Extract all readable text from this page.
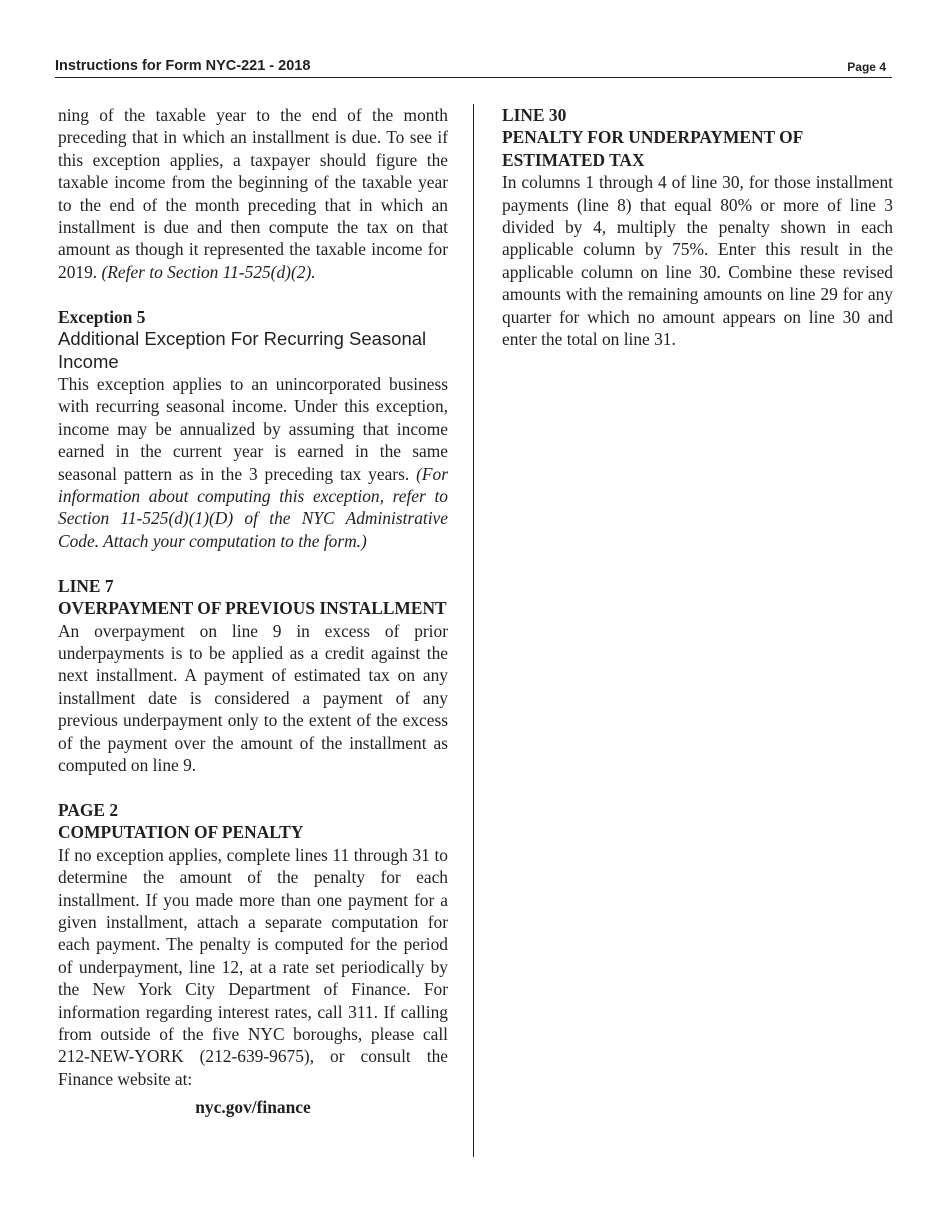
Instructions for Form NYC-221 - 2018	Page 4

ning of the taxable year to the end of the month preceding that in which an installment is due. To see if this exception applies, a taxpayer should figure the taxable income from the beginning of the taxable year to the end of the month preceding that in which an installment is due and then compute the tax on that amount as though it represented the taxable income for 2019. (Refer to Section 11-525(d)(2).

Exception 5
Additional Exception For Recurring Seasonal Income

This exception applies to an unincorporated business with recurring seasonal income. Under this exception, income may be annualized by assuming that income earned in the current year is earned in the same seasonal pattern as in the 3 preceding tax years. (For information about computing this exception, refer to Section 11-525(d)(1)(D) of the NYC Administrative Code. Attach your computation to the form.)

LINE 7
OVERPAYMENT OF PREVIOUS INSTALLMENT

An overpayment on line 9 in excess of prior underpayments is to be applied as a credit against the next installment. A payment of estimated tax on any installment date is considered a payment of any previous underpayment only to the extent of the excess of the payment over the amount of the installment as computed on line 9.

PAGE 2
COMPUTATION OF PENALTY

If no exception applies, complete lines 11 through 31 to determine the amount of the penalty for each installment. If you made more than one payment for a given installment, attach a separate computation for each payment. The penalty is computed for the period of underpayment, line 12, at a rate set periodically by the New York City Department of Finance. For information regarding interest rates, call 311. If calling from outside of the five NYC boroughs, please call 212-NEW-YORK (212-639-9675), or consult the Finance website at:

nyc.gov/finance
LINE 30
PENALTY FOR UNDERPAYMENT OF ESTIMATED TAX

In columns 1 through 4 of line 30, for those installment payments (line 8) that equal 80% or more of line 3 divided by 4, multiply the penalty shown in each applicable column by 75%. Enter this result in the applicable column on line 30. Combine these revised amounts with the remaining amounts on line 29 for any quarter for which no amount appears on line 30 and enter the total on line 31.
